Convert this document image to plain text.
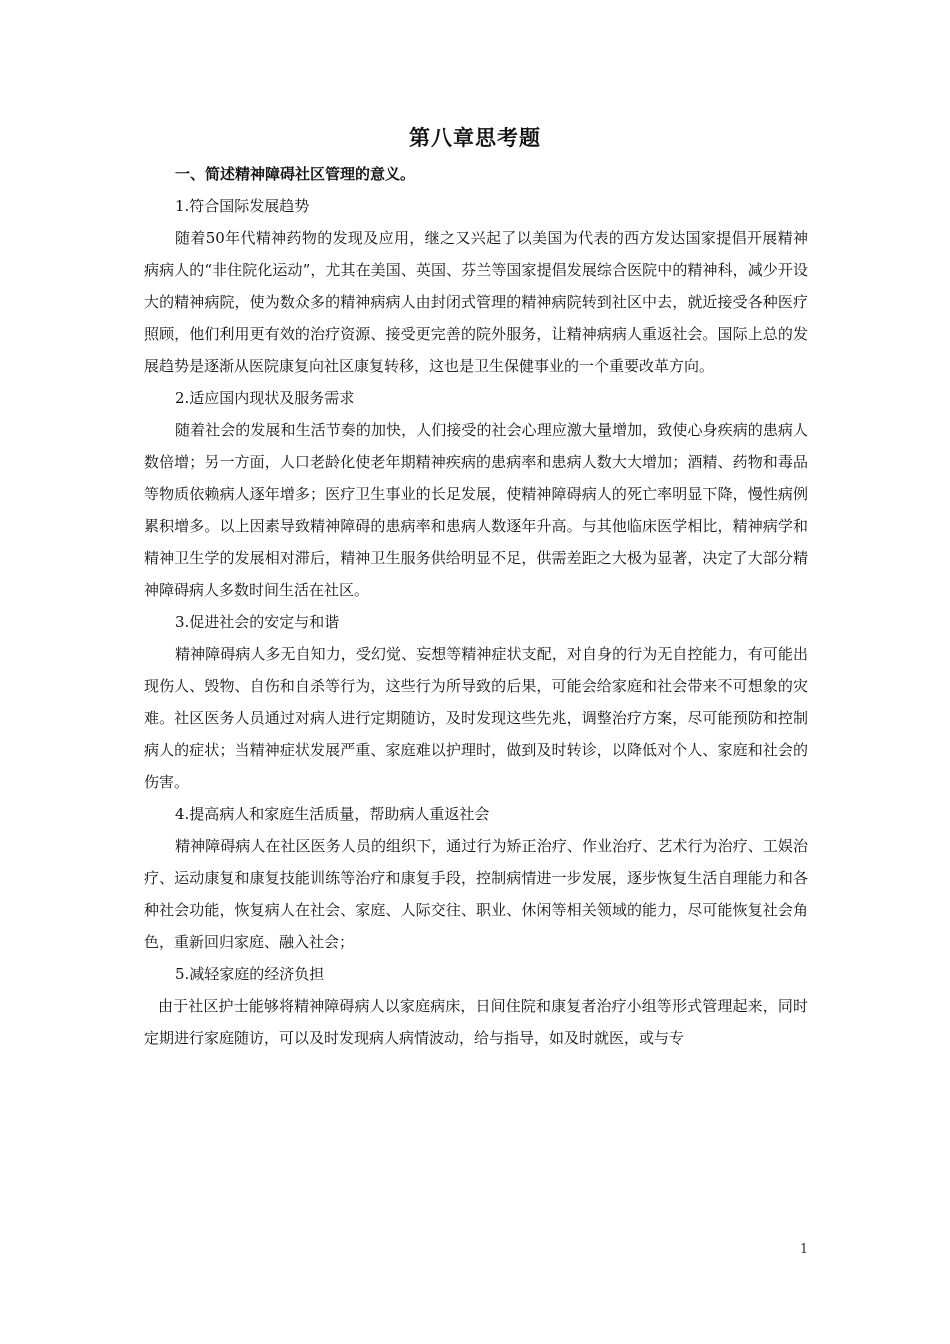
第八章思考题

一、简述精神障碍社区管理的意义。

1.符合国际发展趋势

随着50年代精神药物的发现及应用，继之又兴起了以美国为代表的西方发达国家提倡开展精神病病人的“非住院化运动”，尤其在美国、英国、芬兰等国家提倡发展综合医院中的精神科，减少开设大的精神病院，使为数众多的精神病病人由封闭式管理的精神病院转到社区中去，就近接受各种医疗照顾，他们利用更有效的治疗资源、接受更完善的院外服务，让精神病病人重返社会。国际上总的发展趋势是逐渐从医院康复向社区康复转移，这也是卫生保健事业的一个重要改革方向。

2.适应国内现状及服务需求

随着社会的发展和生活节奏的加快，人们接受的社会心理应激大量增加，致使心身疾病的患病人数倍增；另一方面，人口老龄化使老年期精神疾病的患病率和患病人数大大增加；酒精、药物和毒品等物质依赖病人逐年增多；医疗卫生事业的长足发展，使精神障碍病人的死亡率明显下降，慢性病例累积增多。以上因素导致精神障碍的患病率和患病人数逐年升高。与其他临床医学相比，精神病学和精神卫生学的发展相对滞后，精神卫生服务供给明显不足，供需差距之大极为显著，决定了大部分精神障碍病人多数时间生活在社区。

3.促进社会的安定与和谐

精神障碍病人多无自知力，受幻觉、妄想等精神症状支配，对自身的行为无自控能力，有可能出现伤人、毁物、自伤和自杀等行为，这些行为所导致的后果，可能会给家庭和社会带来不可想象的灾难。社区医务人员通过对病人进行定期随访，及时发现这些先兆，调整治疗方案，尽可能预防和控制病人的症状；当精神症状发展严重、家庭难以护理时，做到及时转诊，以降低对个人、家庭和社会的伤害。

4.提高病人和家庭生活质量，帮助病人重返社会

精神障碍病人在社区医务人员的组织下，通过行为矫正治疗、作业治疗、艺术行为治疗、工娱治疗、运动康复和康复技能训练等治疗和康复手段，控制病情进一步发展，逐步恢复生活自理能力和各种社会功能，恢复病人在社会、家庭、人际交往、职业、休闲等相关领域的能力，尽可能恢复社会角色，重新回归家庭、融入社会；

5.减轻家庭的经济负担

由于社区护士能够将精神障碍病人以家庭病床，日间住院和康复者治疗小组等形式管理起来，同时定期进行家庭随访，可以及时发现病人病情波动，给与指导，如及时就医，或与专

1
